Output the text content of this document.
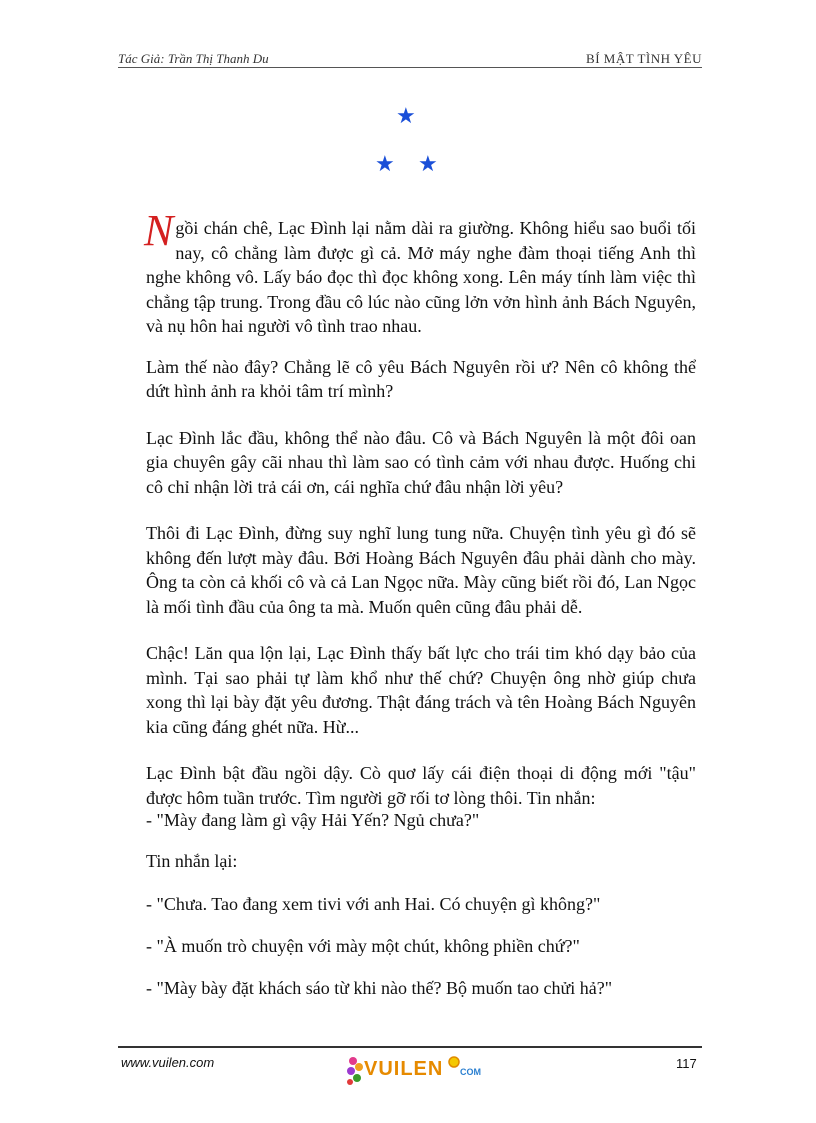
Tác Giả: Trần Thị Thanh Du	BÍ MẬT TÌNH YÊU
★
★ ★

Ngồi chán chê, Lạc Đình lại nằm dài ra giường. Không hiểu sao buổi tối nay, cô chẳng làm được gì cả. Mở máy nghe đàm thoại tiếng Anh thì nghe không vô. Lấy báo đọc thì đọc không xong. Lên máy tính làm việc thì chẳng tập trung. Trong đầu cô lúc nào cũng lởn vởn hình ảnh Bách Nguyên, và nụ hôn hai người vô tình trao nhau.

Làm thế nào đây? Chẳng lẽ cô yêu Bách Nguyên rồi ư? Nên cô không thể dứt hình ảnh ra khỏi tâm trí mình?

Lạc Đình lắc đầu, không thể nào đâu. Cô và Bách Nguyên là một đôi oan gia chuyên gây cãi nhau thì làm sao có tình cảm với nhau được. Huống chi cô chỉ nhận lời trả cái ơn, cái nghĩa chứ đâu nhận lời yêu?

Thôi đi Lạc Đình, đừng suy nghĩ lung tung nữa. Chuyện tình yêu gì đó sẽ không đến lượt mày đâu. Bởi Hoàng Bách Nguyên đâu phải dành cho mày. Ông ta còn cả khối cô và cả Lan Ngọc nữa. Mày cũng biết rồi đó, Lan Ngọc là mối tình đầu của ông ta mà. Muốn quên cũng đâu phải dễ.

Chậc! Lăn qua lộn lại, Lạc Đình thấy bất lực cho trái tim khó dạy bảo của mình. Tại sao phải tự làm khổ như thế chứ? Chuyện ông nhờ giúp chưa xong thì lại bày đặt yêu đương. Thật đáng trách và tên Hoàng Bách Nguyên kia cũng đáng ghét nữa. Hừ...

Lạc Đình bật đầu ngồi dậy. Cò quơ lấy cái điện thoại di động mới "tậu" được hôm tuần trước. Tìm người gỡ rối tơ lòng thôi. Tin nhắn:

- "Mày đang làm gì vậy Hải Yến? Ngủ chưa?"

Tin nhắn lại:

- "Chưa. Tao đang xem tivi với anh Hai. Có chuyện gì không?"

- "À muốn trò chuyện với mày một chút, không phiền chứ?"

- "Mày bày đặt khách sáo từ khi nào thế? Bộ muốn tao chửi hả?"

www.vuilen.com	VUILEN COM
117
